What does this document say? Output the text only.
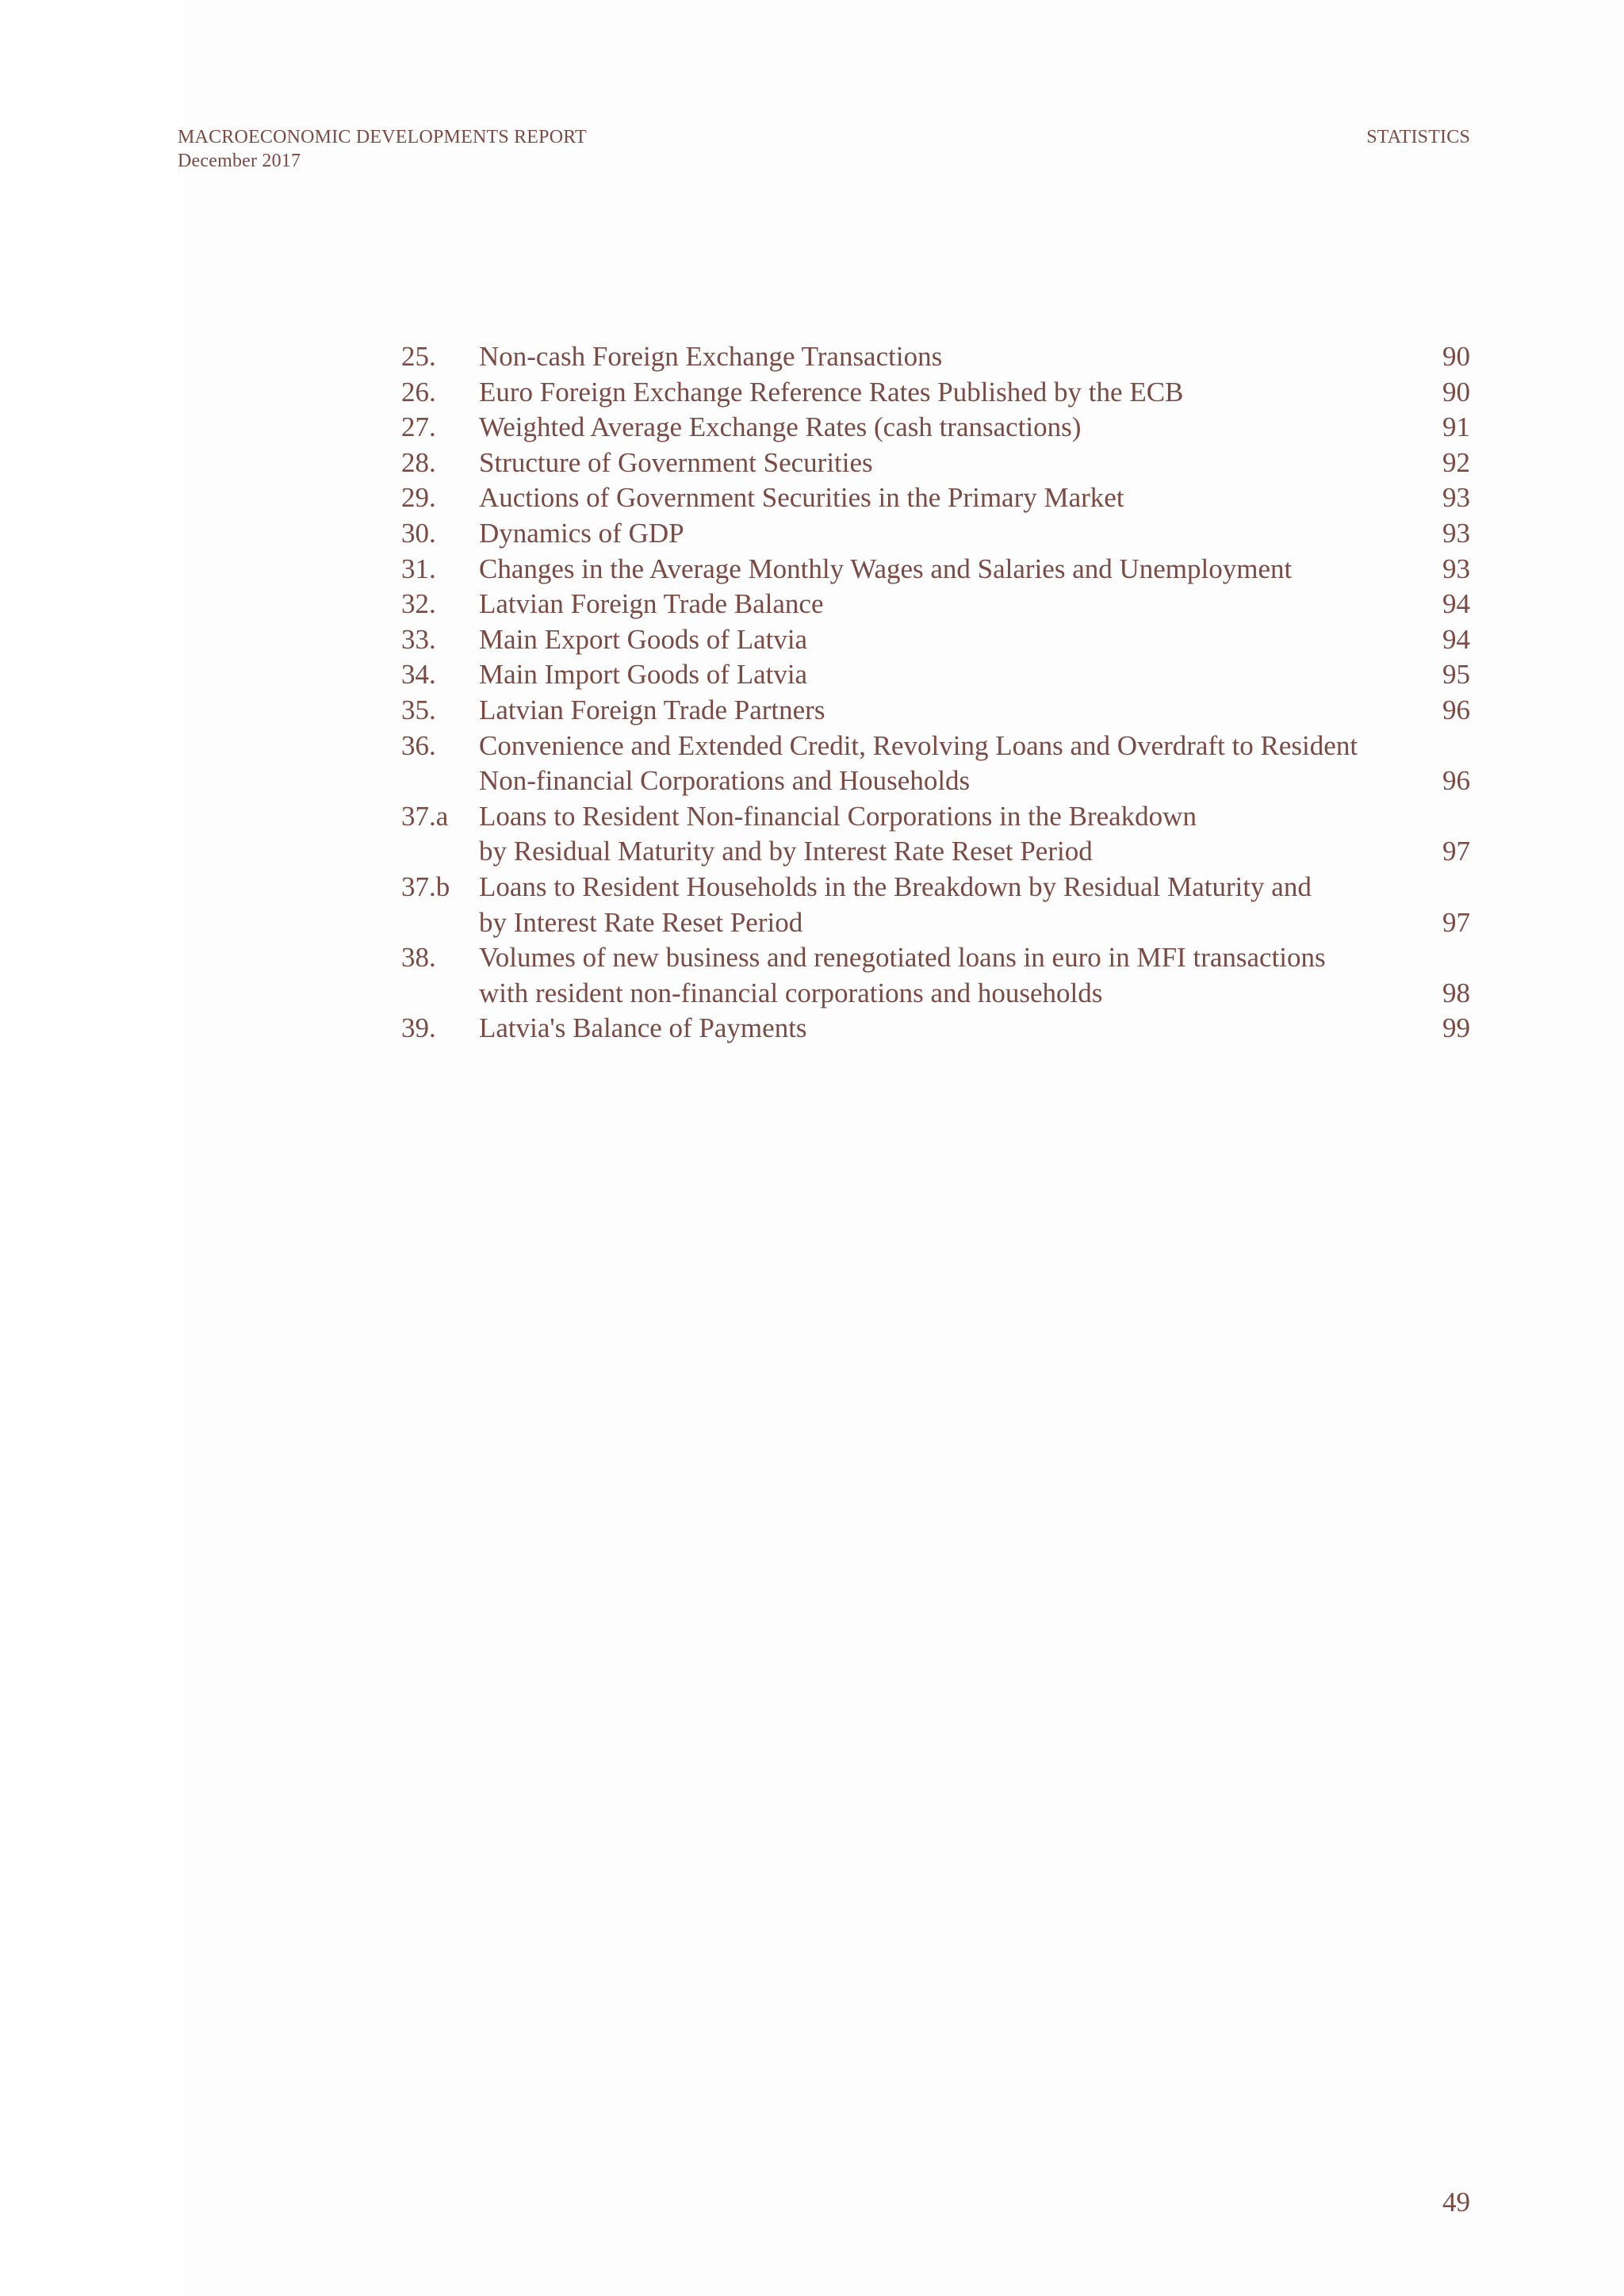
MACROECONOMIC DEVELOPMENTS REPORT
December 2017
STATISTICS
25.	Non-cash Foreign Exchange Transactions	90
26.	Euro Foreign Exchange Reference Rates Published by the ECB	90
27.	Weighted Average Exchange Rates (cash transactions)	91
28.	Structure of Government Securities	92
29.	Auctions of Government Securities in the Primary Market	93
30.	Dynamics of GDP	93
31.	Changes in the Average Monthly Wages and Salaries and Unemployment	93
32.	Latvian Foreign Trade Balance	94
33.	Main Export Goods of Latvia	94
34.	Main Import Goods of Latvia	95
35.	Latvian Foreign Trade Partners	96
36.	Convenience and Extended Credit, Revolving Loans and Overdraft to Resident
Non-financial Corporations and Households	96
37.a	Loans to Resident Non-financial Corporations in the Breakdown
by Residual Maturity and by Interest Rate Reset Period	97
37.b	Loans to Resident Households in the Breakdown by Residual Maturity and
by Interest Rate Reset Period	97
38.	Volumes of new business and renegotiated loans in euro in MFI transactions
with resident non-financial corporations and households	98
39.	Latvia's Balance of Payments	99
49
